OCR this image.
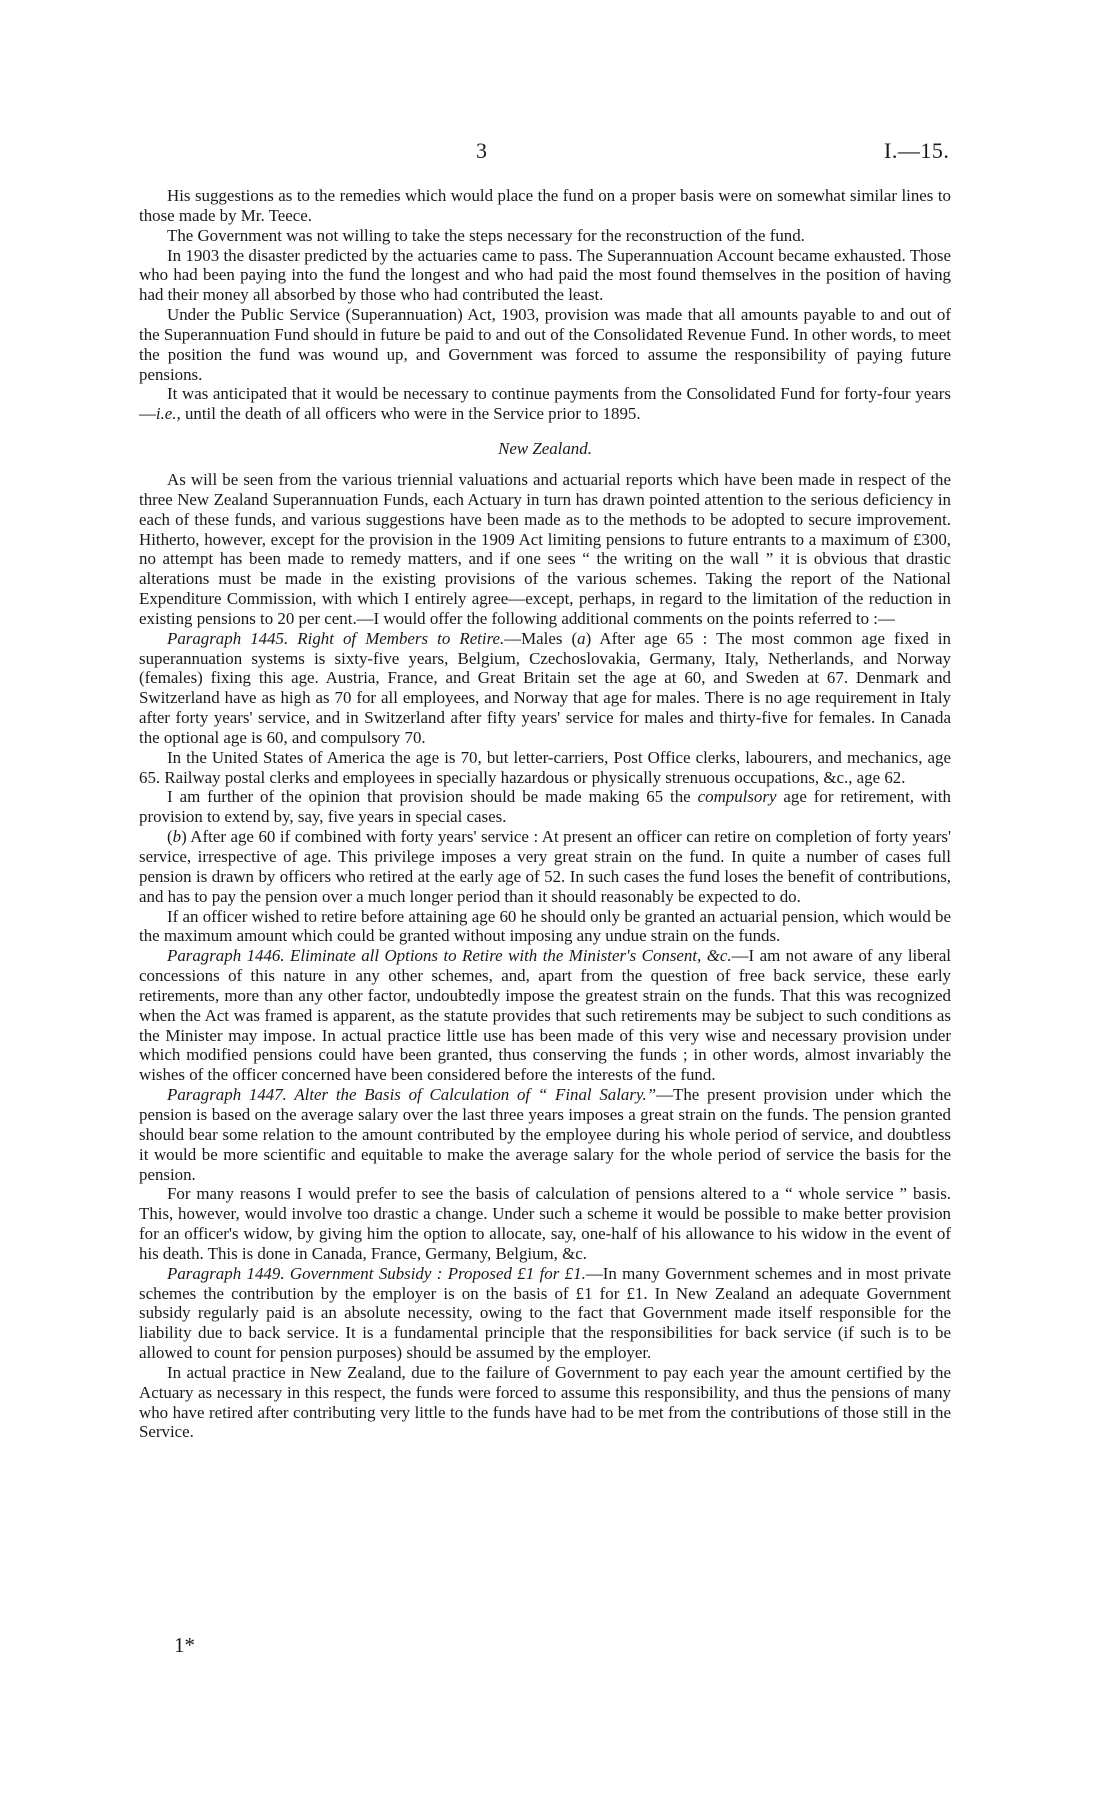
3	I.—15.

His suggestions as to the remedies which would place the fund on a proper basis were on somewhat similar lines to those made by Mr. Teece.

The Government was not willing to take the steps necessary for the reconstruction of the fund.

In 1903 the disaster predicted by the actuaries came to pass. The Superannuation Account became exhausted. Those who had been paying into the fund the longest and who had paid the most found themselves in the position of having had their money all absorbed by those who had contributed the least.

Under the Public Service (Superannuation) Act, 1903, provision was made that all amounts payable to and out of the Superannuation Fund should in future be paid to and out of the Consolidated Revenue Fund. In other words, to meet the position the fund was wound up, and Government was forced to assume the responsibility of paying future pensions.

It was anticipated that it would be necessary to continue payments from the Consolidated Fund for forty-four years—i.e., until the death of all officers who were in the Service prior to 1895.

New Zealand.

As will be seen from the various triennial valuations and actuarial reports which have been made in respect of the three New Zealand Superannuation Funds, each Actuary in turn has drawn pointed attention to the serious deficiency in each of these funds, and various suggestions have been made as to the methods to be adopted to secure improvement. Hitherto, however, except for the provision in the 1909 Act limiting pensions to future entrants to a maximum of £300, no attempt has been made to remedy matters, and if one sees “ the writing on the wall ” it is obvious that drastic alterations must be made in the existing provisions of the various schemes. Taking the report of the National Expenditure Commission, with which I entirely agree—except, perhaps, in regard to the limitation of the reduction in existing pensions to 20 per cent.—I would offer the following additional comments on the points referred to :—

Paragraph 1445. Right of Members to Retire.—Males (a) After age 65 : The most common age fixed in superannuation systems is sixty-five years, Belgium, Czechoslovakia, Germany, Italy, Netherlands, and Norway (females) fixing this age. Austria, France, and Great Britain set the age at 60, and Sweden at 67. Denmark and Switzerland have as high as 70 for all employees, and Norway that age for males. There is no age requirement in Italy after forty years' service, and in Switzerland after fifty years' service for males and thirty-five for females. In Canada the optional age is 60, and compulsory 70.

In the United States of America the age is 70, but letter-carriers, Post Office clerks, labourers, and mechanics, age 65. Railway postal clerks and employees in specially hazardous or physically strenuous occupations, &c., age 62.

I am further of the opinion that provision should be made making 65 the compulsory age for retirement, with provision to extend by, say, five years in special cases.

(b) After age 60 if combined with forty years' service : At present an officer can retire on completion of forty years' service, irrespective of age. This privilege imposes a very great strain on the fund. In quite a number of cases full pension is drawn by officers who retired at the early age of 52. In such cases the fund loses the benefit of contributions, and has to pay the pension over a much longer period than it should reasonably be expected to do.

If an officer wished to retire before attaining age 60 he should only be granted an actuarial pension, which would be the maximum amount which could be granted without imposing any undue strain on the funds.

Paragraph 1446. Eliminate all Options to Retire with the Minister's Consent, &c.—I am not aware of any liberal concessions of this nature in any other schemes, and, apart from the question of free back service, these early retirements, more than any other factor, undoubtedly impose the greatest strain on the funds. That this was recognized when the Act was framed is apparent, as the statute provides that such retirements may be subject to such conditions as the Minister may impose. In actual practice little use has been made of this very wise and necessary provision under which modified pensions could have been granted, thus conserving the funds ; in other words, almost invariably the wishes of the officer concerned have been considered before the interests of the fund.

Paragraph 1447. Alter the Basis of Calculation of “ Final Salary.”—The present provision under which the pension is based on the average salary over the last three years imposes a great strain on the funds. The pension granted should bear some relation to the amount contributed by the employee during his whole period of service, and doubtless it would be more scientific and equitable to make the average salary for the whole period of service the basis for the pension.

For many reasons I would prefer to see the basis of calculation of pensions altered to a “ whole service ” basis. This, however, would involve too drastic a change. Under such a scheme it would be possible to make better provision for an officer's widow, by giving him the option to allocate, say, one-half of his allowance to his widow in the event of his death. This is done in Canada, France, Germany, Belgium, &c.

Paragraph 1449. Government Subsidy : Proposed £1 for £1.—In many Government schemes and in most private schemes the contribution by the employer is on the basis of £1 for £1. In New Zealand an adequate Government subsidy regularly paid is an absolute necessity, owing to the fact that Government made itself responsible for the liability due to back service. It is a fundamental principle that the responsibilities for back service (if such is to be allowed to count for pension purposes) should be assumed by the employer.

In actual practice in New Zealand, due to the failure of Government to pay each year the amount certified by the Actuary as necessary in this respect, the funds were forced to assume this responsibility, and thus the pensions of many who have retired after contributing very little to the funds have had to be met from the contributions of those still in the Service.

1*
